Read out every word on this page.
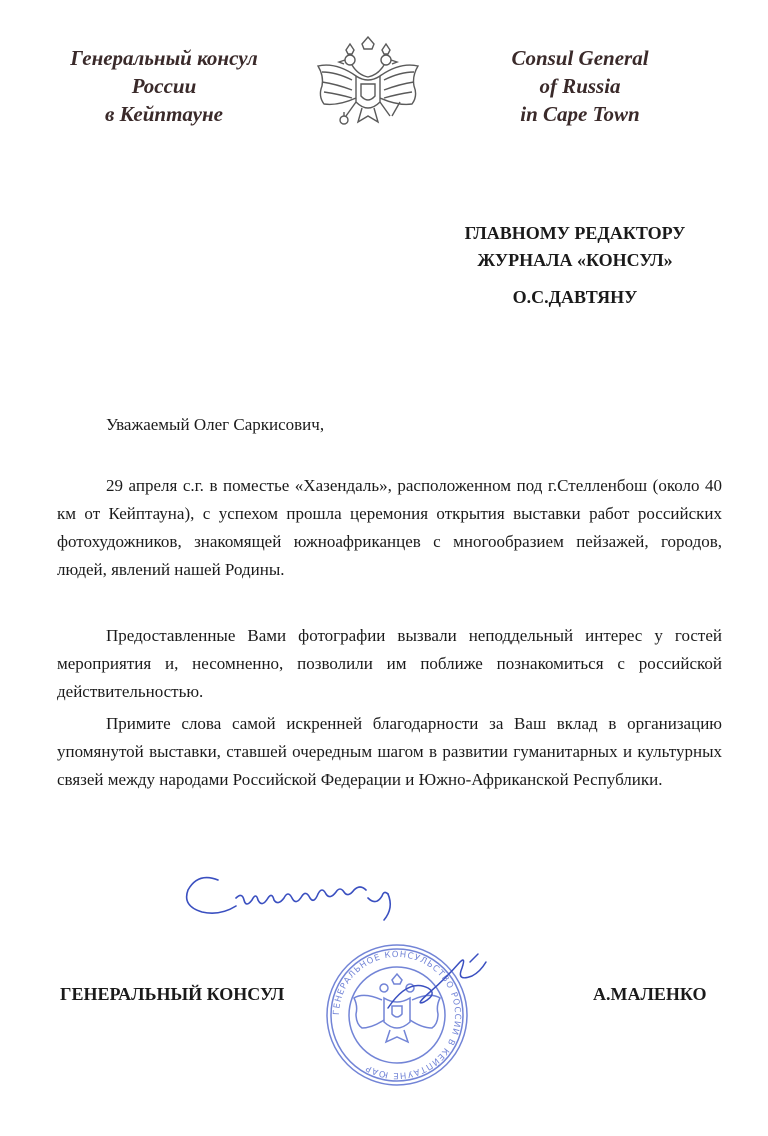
Генеральный консул
России
в Кейптауне
Consul General
of Russia
in Cape Town
ГЛАВНОМУ РЕДАКТОРУ
ЖУРНАЛА «КОНСУЛ»
О.С.ДАВТЯНУ
Уважаемый Олег Саркисович,

29 апреля с.г. в поместье «Хазендаль», расположенном под г.Стелленбош (около 40 км от Кейптауна), с успехом прошла церемония открытия выставки работ российских фотохудожников, знакомящей южноафриканцев с многообразием пейзажей, городов, людей, явлений нашей Родины.

Предоставленные Вами фотографии вызвали неподдельный интерес у гостей мероприятия и, несомненно, позволили им поближе познакомиться с российской действительностью.

Примите слова самой искренней благодарности за Ваш вклад в организацию упомянутой выставки, ставшей очередным шагом в развитии гуманитарных и культурных связей между народами Российской Федерации и Южно-Африканской Республики.

ГЕНЕРАЛЬНЫЙ КОНСУЛ
ГЕНЕРАЛЬНОЕ КОНСУЛЬСТВО РОССИИ В КЕЙПТАУНЕ ЮАР
А.МАЛЕНКО
